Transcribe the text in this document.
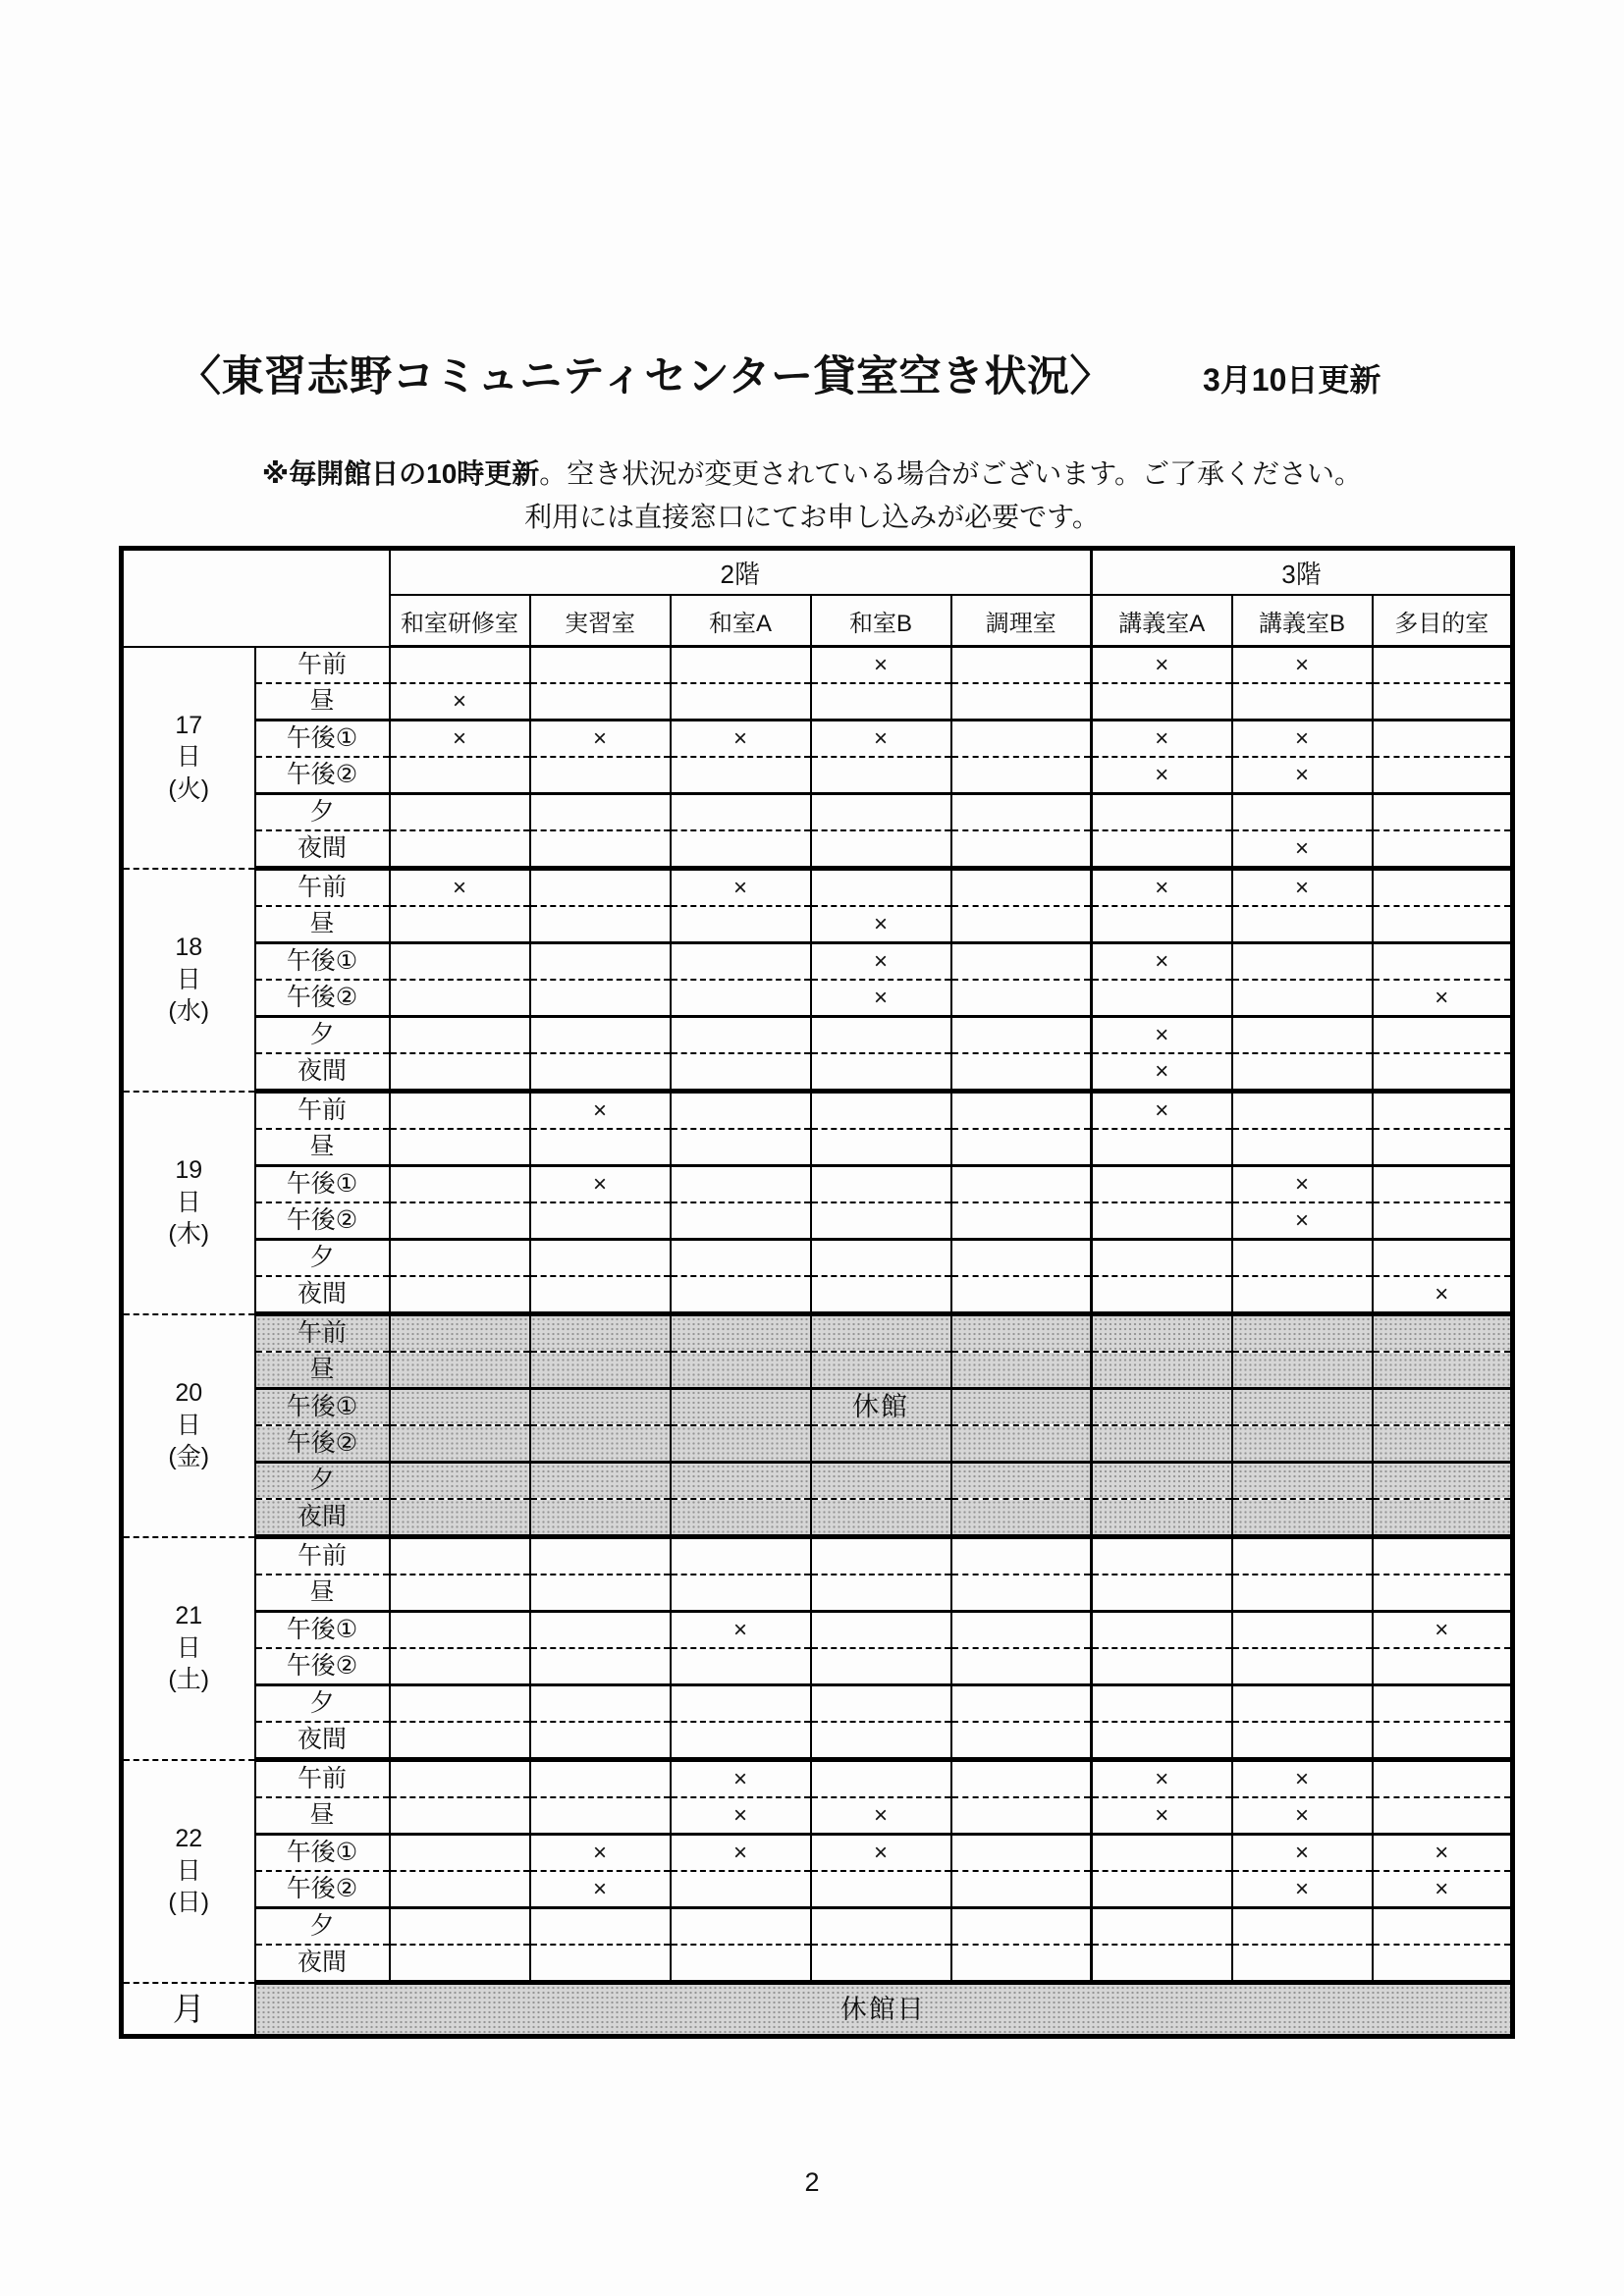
〈東習志野コミュニティセンター貸室空き状況〉	3月10日更新

※毎開館日の10時更新。空き状況が変更されている場合がございます。ご了承ください。

利用には直接窓口にてお申し込みが必要です。

		2階					3階		
		和室研修室	実習室	和室A	和室B	調理室	講義室A	講義室B	多目的室

17
日
(火)	午前				×		×	×	
	昼	×							
	午後①	×	×	×	×		×	×	
	午後②						×	×	
	夕								
	夜間							×	

18
日
(水)	午前	×		×			×	×	
	昼				×				
	午後①				×		×		
	午後②				×				×
	夕						×		
	夜間						×		

19
日
(木)	午前		×				×		
	昼								
	午後①		×					×	
	午後②							×	
	夕								
	夜間								×

20
日
(金)	午前								
	昼								
	午後①				休館				
	午後②								
	夕								
	夜間								

21
日
(土)	午前								
	昼								
	午後①			×					×
	午後②								
	夕								
	夜間								

22
日
(日)	午前			×			×	×	
	昼			×	×		×	×	
	午後①		×	×	×			×	×
	午後②		×					×	×
	夕								
	夜間								
月	休館日								
2
